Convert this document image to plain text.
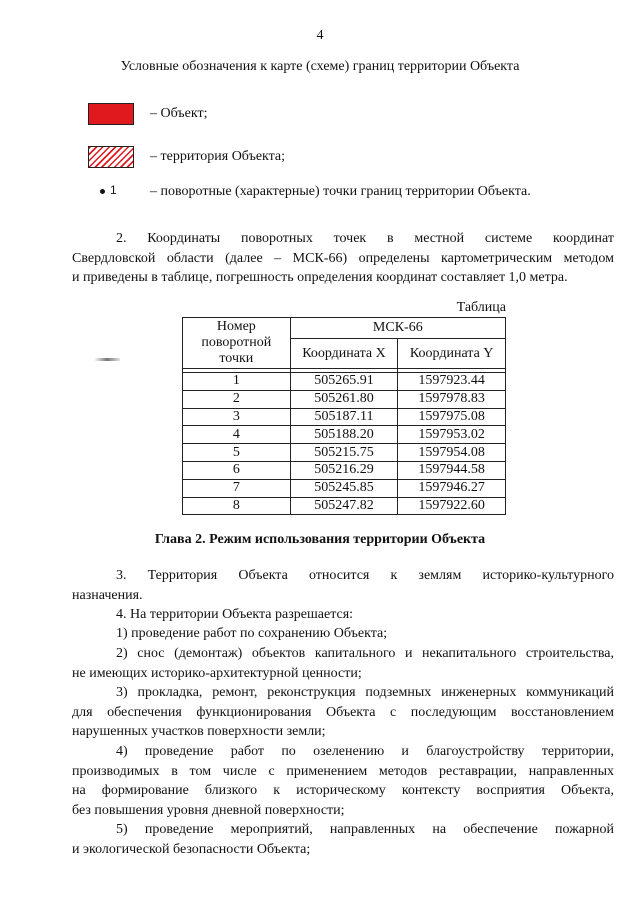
4
Условные обозначения к карте (схеме) границ территории Объекта
– Объект;
– территория Объекта;
1 – поворотные (характерные) точки границ территории Объекта.

2. Координаты поворотных точек в местной системе координат
Свердловской области (далее – МСК-66) определены картометрическим методом
и приведены в таблице, погрешность определения координат составляет 1,0 метра.

Таблица
Номер поворотной точки	МСК-66	
	Координата X	Координата Y

1	505265.91	1597923.44
2	505261.80	1597978.83
3	505187.11	1597975.08
4	505188.20	1597953.02
5	505215.75	1597954.08
6	505216.29	1597944.58
7	505245.85	1597946.27
8	505247.82	1597922.60
Глава 2. Режим использования территории Объекта

3. Территория Объекта относится к землям историко-культурного
назначения.

4. На территории Объекта разрешается:

1) проведение работ по сохранению Объекта;

2) снос (демонтаж) объектов капитального и некапитального строительства,
не имеющих историко-архитектурной ценности;

3) прокладка, ремонт, реконструкция подземных инженерных коммуникаций
для обеспечения функционирования Объекта с последующим восстановлением
нарушенных участков поверхности земли;

4) проведение работ по озеленению и благоустройству территории,
производимых в том числе с применением методов реставрации, направленных
на формирование близкого к историческому контексту восприятия Объекта,
без повышения уровня дневной поверхности;

5) проведение мероприятий, направленных на обеспечение пожарной
и экологической безопасности Объекта;
